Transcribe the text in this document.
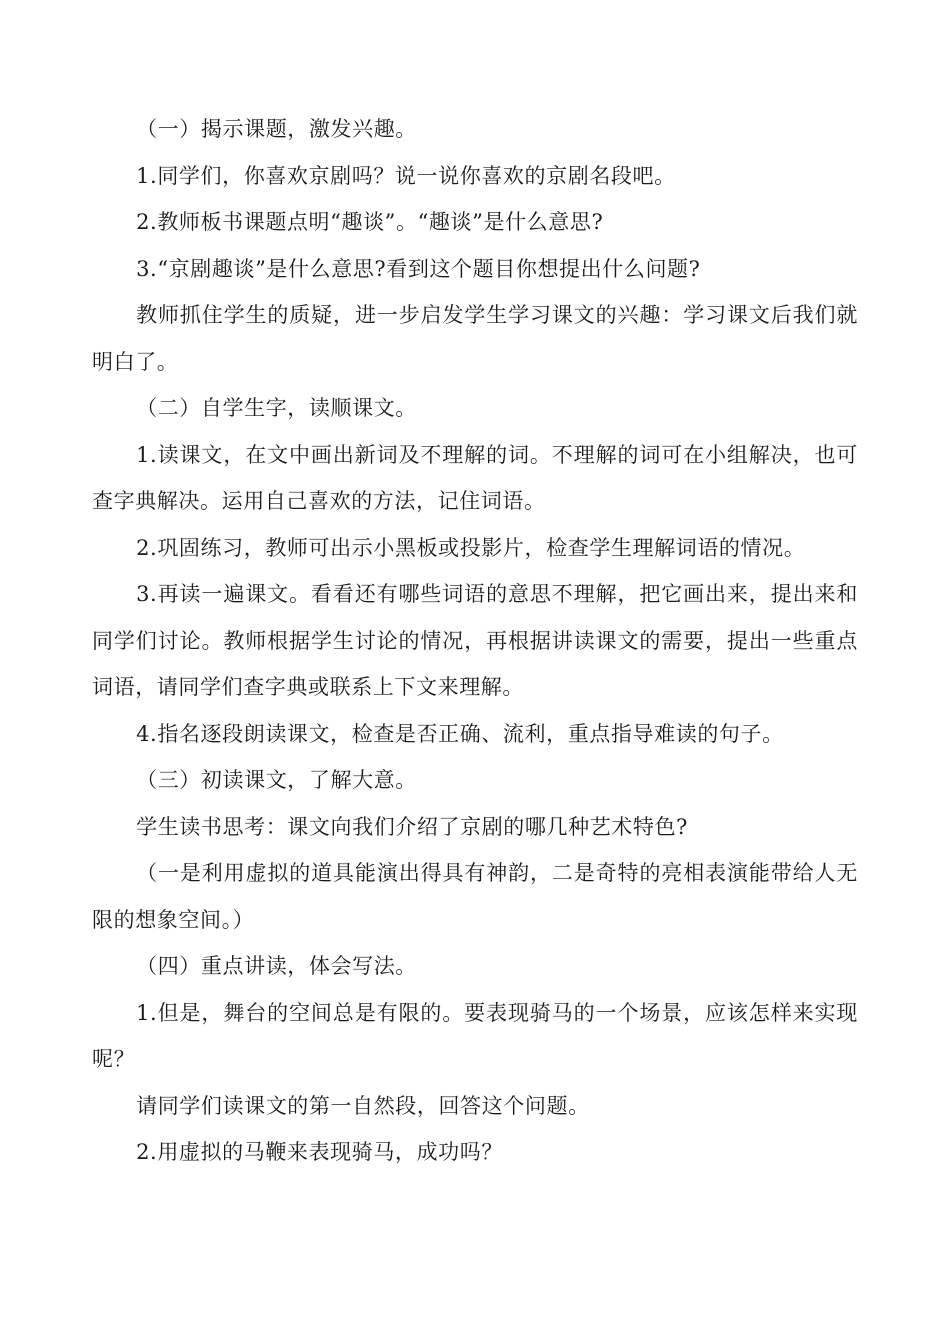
（一）揭示课题，激发兴趣。

1.同学们，你喜欢京剧吗？说一说你喜欢的京剧名段吧。

2.教师板书课题点明“趣谈”。“趣谈”是什么意思?

3.“京剧趣谈”是什么意思?看到这个题目你想提出什么问题?

教师抓住学生的质疑，进一步启发学生学习课文的兴趣：学习课文后我们就明白了。

（二）自学生字，读顺课文。

1.读课文，在文中画出新词及不理解的词。不理解的词可在小组解决，也可查字典解决。运用自己喜欢的方法，记住词语。

2.巩固练习，教师可出示小黑板或投影片，检查学生理解词语的情况。

3.再读一遍课文。看看还有哪些词语的意思不理解，把它画出来，提出来和同学们讨论。教师根据学生讨论的情况，再根据讲读课文的需要，提出一些重点词语，请同学们查字典或联系上下文来理解。

4.指名逐段朗读课文，检查是否正确、流利，重点指导难读的句子。

（三）初读课文，了解大意。

学生读书思考：课文向我们介绍了京剧的哪几种艺术特色?

（一是利用虚拟的道具能演出得具有神韵，二是奇特的亮相表演能带给人无限的想象空间。）

（四）重点讲读，体会写法。

1.但是，舞台的空间总是有限的。要表现骑马的一个场景，应该怎样来实现呢？

请同学们读课文的第一自然段，回答这个问题。

2.用虚拟的马鞭来表现骑马，成功吗？
